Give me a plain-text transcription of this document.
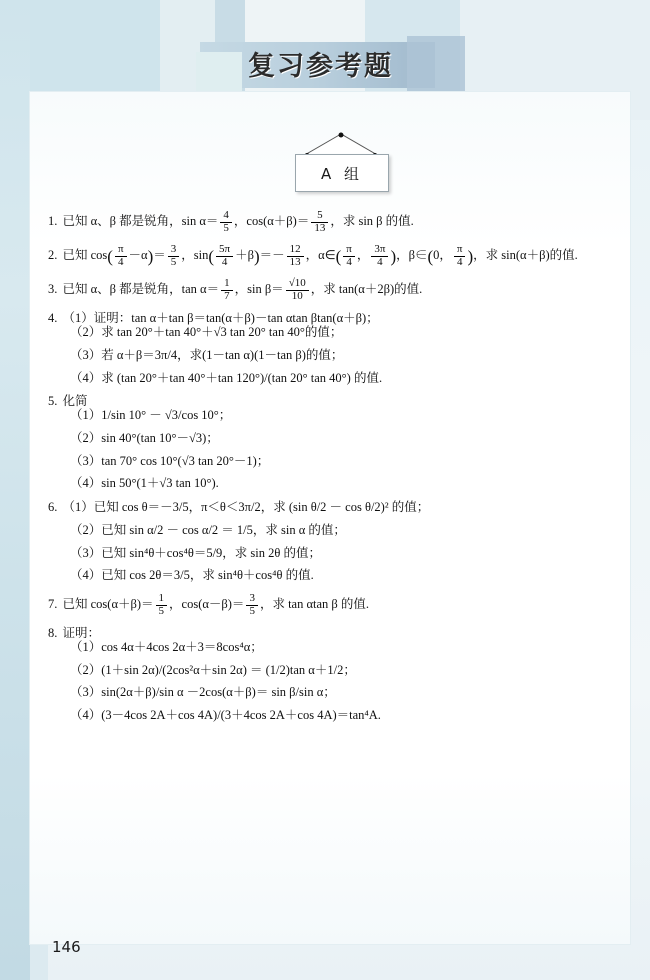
复习参考题
A 组
1. 已知 α、β 都是锐角，$\sin \alpha= \frac{4}{5}$ ，$\cos(\alpha+\beta)= \frac{5}{13}$ ，求 sin β 的值.
2. 已知 $\cos( \frac{\pi}{4} -\alpha)= \frac{3}{5}$ ，$\sin( \frac{5\pi}{4} +\beta)=- \frac{12}{13}$ ，α∈( $\frac{\pi}{4}$ ， $\frac{3\pi}{4}$ )，β∈(0， $\frac{\pi}{4}$ )，求 sin(α＋β)的值.
3. 已知 α、β 都是锐角，$\tan \alpha= \frac{1}{7}$ ，$\sin \beta= \frac{√10}{10}$ ，求 tan(α＋2β)的值.
4. （1）证明：tan α＋tan β＝tan(α＋β)－tan αtan βtan(α＋β)；
（2）求 tan 20°＋tan 40°＋√3 tan 20° tan 40°的值；
（3）若 α＋β＝3π/4，求(1－tan α)(1－tan β)的值；
（4）求 (tan 20°＋tan 40°＋tan 120°)/(tan 20° tan 40°) 的值.
5. 化简
（1）1/sin 10° － √3/cos 10°；
（2）sin 40°(tan 10°－√3)；
（3）tan 70° cos 10°(√3 tan 20°－1)；
（4）sin 50°(1＋√3 tan 10°).
6. （1）已知 cos θ＝－3/5，π＜θ＜3π/2，求 (sin θ/2 － cos θ/2)² 的值；
（2）已知 sin α/2 － cos α/2 ＝ 1/5，求 sin α 的值；
（3）已知 sin⁴θ＋cos⁴θ＝5/9，求 sin 2θ 的值；
（4）已知 cos 2θ＝3/5，求 sin⁴θ＋cos⁴θ 的值.
7. 已知 $\cos(\alpha+\beta)= \frac{1}{5}$ ，$\cos(\alpha-\beta)= \frac{3}{5}$ ，求 tan αtan β 的值.
8. 证明：
（1）cos 4α＋4cos 2α＋3＝8cos⁴α；
（2）(1＋sin 2α)/(2cos²α＋sin 2α) ＝ (1/2)tan α＋1/2；
（3）sin(2α＋β)/sin α －2cos(α＋β)＝ sin β/sin α；
（4）(3－4cos 2A＋cos 4A)/(3＋4cos 2A＋cos 4A)＝tan⁴A.
146
